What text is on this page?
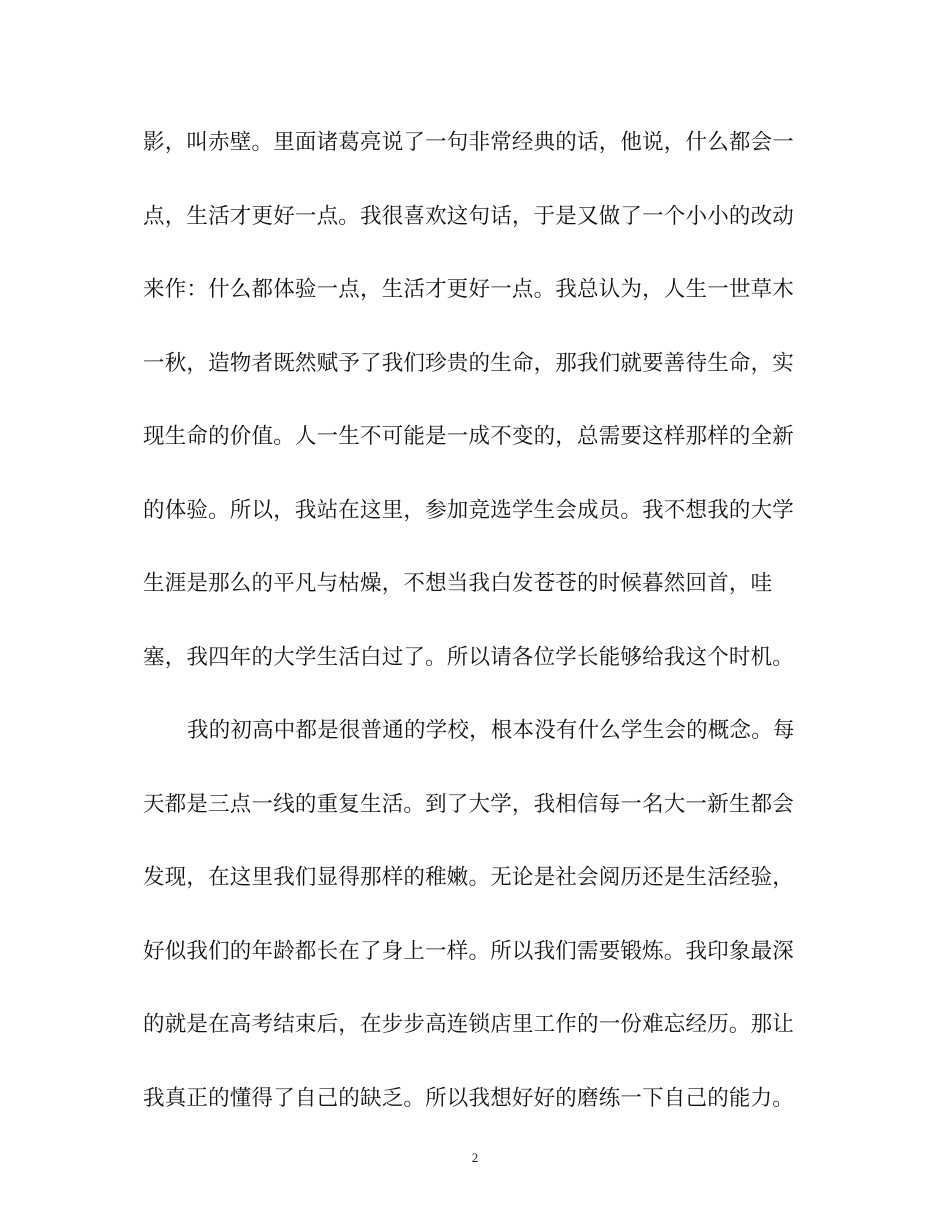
影，叫赤壁。里面诸葛亮说了一句非常经典的话，他说，什么都会一
点，生活才更好一点。我很喜欢这句话，于是又做了一个小小的改动
来作：什么都体验一点，生活才更好一点。我总认为，人生一世草木
一秋，造物者既然赋予了我们珍贵的生命，那我们就要善待生命，实
现生命的价值。人一生不可能是一成不变的，总需要这样那样的全新
的体验。所以，我站在这里，参加竞选学生会成员。我不想我的大学
生涯是那么的平凡与枯燥，不想当我白发苍苍的时候暮然回首，哇
塞，我四年的大学生活白过了。所以请各位学长能够给我这个时机。
我的初高中都是很普通的学校，根本没有什么学生会的概念。每
天都是三点一线的重复生活。到了大学，我相信每一名大一新生都会
发现，在这里我们显得那样的稚嫩。无论是社会阅历还是生活经验，
好似我们的年龄都长在了身上一样。所以我们需要锻炼。我印象最深
的就是在高考结束后，在步步高连锁店里工作的一份难忘经历。那让
我真正的懂得了自己的缺乏。所以我想好好的磨练一下自己的能力。
2
